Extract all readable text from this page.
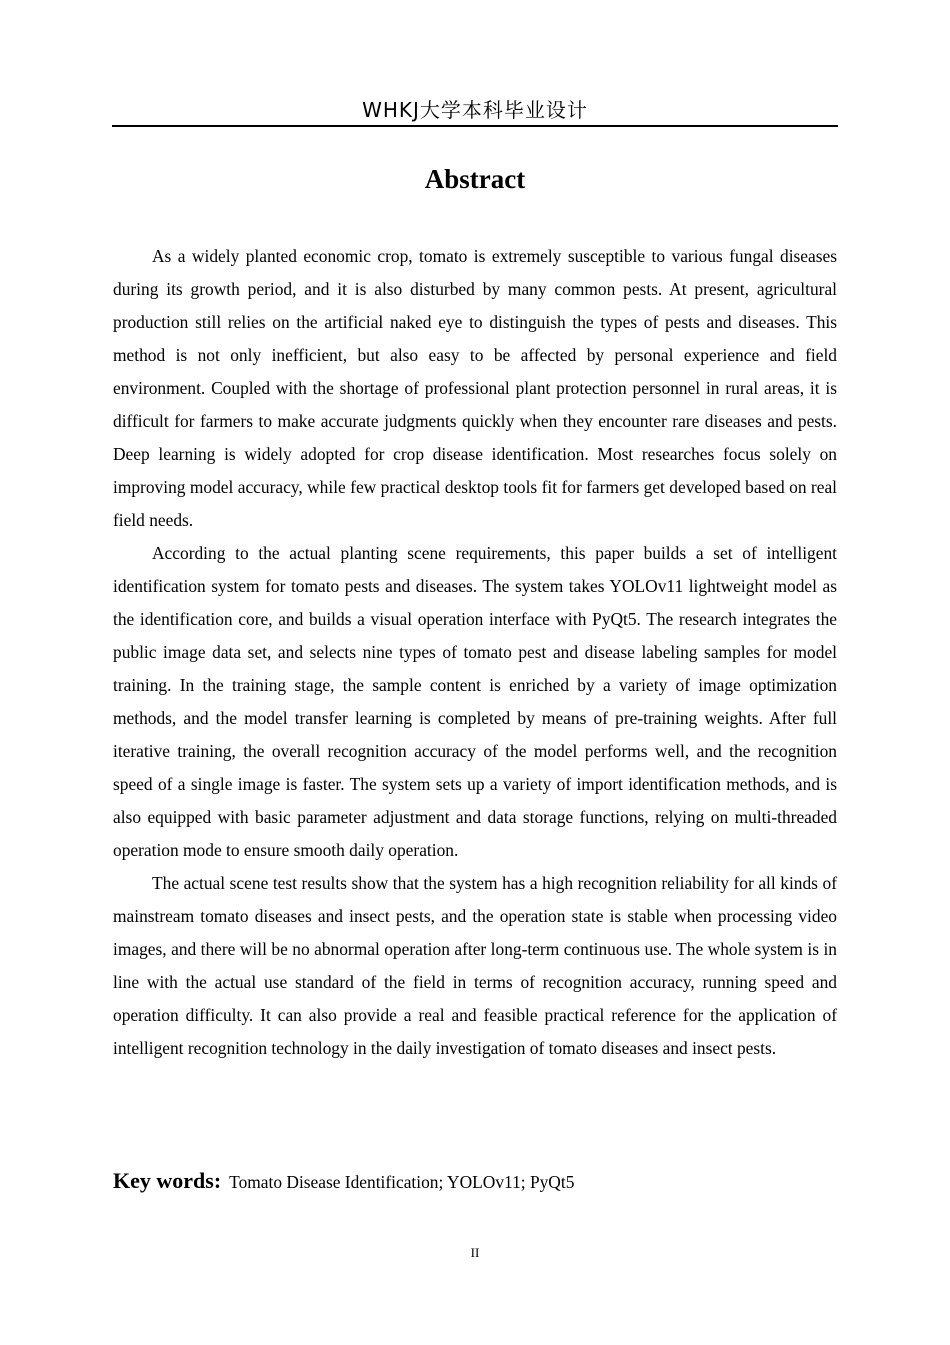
WHKJ大学本科毕业设计
Abstract

As a widely planted economic crop, tomato is extremely susceptible to various fungal diseases during its growth period, and it is also disturbed by many common pests. At present, agricultural production still relies on the artificial naked eye to distinguish the types of pests and diseases. This method is not only inefficient, but also easy to be affected by personal experience and field environment. Coupled with the shortage of professional plant protection personnel in rural areas, it is difficult for farmers to make accurate judgments quickly when they encounter rare diseases and pests. Deep learning is widely adopted for crop disease identification. Most researches focus solely on improving model accuracy, while few practical desktop tools fit for farmers get developed based on real field needs.

According to the actual planting scene requirements, this paper builds a set of intelligent identification system for tomato pests and diseases. The system takes YOLOv11 lightweight model as the identification core, and builds a visual operation interface with PyQt5. The research integrates the public image data set, and selects nine types of tomato pest and disease labeling samples for model training. In the training stage, the sample content is enriched by a variety of image optimization methods, and the model transfer learning is completed by means of pre-training weights. After full iterative training, the overall recognition accuracy of the model performs well, and the recognition speed of a single image is faster. The system sets up a variety of import identification methods, and is also equipped with basic parameter adjustment and data storage functions, relying on multi-threaded operation mode to ensure smooth daily operation.

The actual scene test results show that the system has a high recognition reliability for all kinds of mainstream tomato diseases and insect pests, and the operation state is stable when processing video images, and there will be no abnormal operation after long-term continuous use. The whole system is in line with the actual use standard of the field in terms of recognition accuracy, running speed and operation difficulty. It can also provide a real and feasible practical reference for the application of intelligent recognition technology in the daily investigation of tomato diseases and insect pests.

Key words: Tomato Disease Identification; YOLOv11; PyQt5
II
